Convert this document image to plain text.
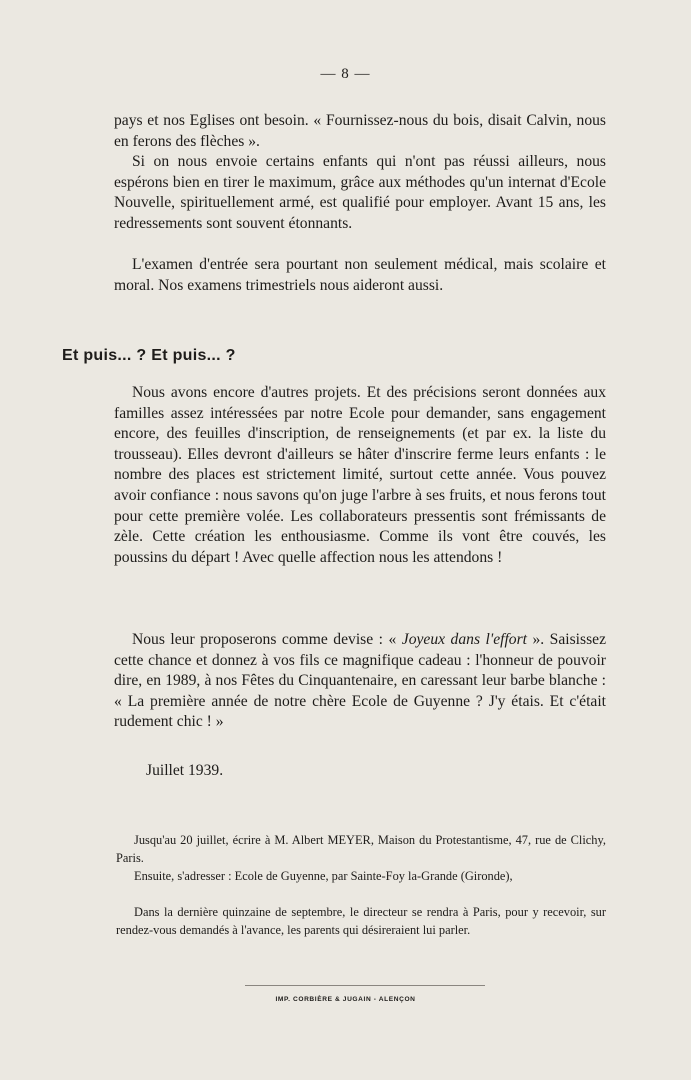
— 8 —

pays et nos Eglises ont besoin. « Fournissez-nous du bois, disait Calvin, nous en ferons des flèches ».

Si on nous envoie certains enfants qui n'ont pas réussi ailleurs, nous espérons bien en tirer le maximum, grâce aux méthodes qu'un internat d'Ecole Nouvelle, spirituellement armé, est qualifié pour employer. Avant 15 ans, les redressements sont souvent étonnants.

L'examen d'entrée sera pourtant non seulement médical, mais scolaire et moral. Nos examens trimestriels nous aideront aussi.

Et puis... ? Et puis... ?

Nous avons encore d'autres projets. Et des précisions seront données aux familles assez intéressées par notre Ecole pour demander, sans engagement encore, des feuilles d'inscription, de renseignements (et par ex. la liste du trousseau). Elles devront d'ailleurs se hâter d'inscrire ferme leurs enfants : le nombre des places est strictement limité, surtout cette année. Vous pouvez avoir confiance : nous savons qu'on juge l'arbre à ses fruits, et nous ferons tout pour cette première volée. Les collaborateurs pressentis sont frémissants de zèle. Cette création les enthousiasme. Comme ils vont être couvés, les poussins du départ ! Avec quelle affection nous les attendons !

Nous leur proposerons comme devise : « Joyeux dans l'effort ». Saisissez cette chance et donnez à vos fils ce magnifique cadeau : l'honneur de pouvoir dire, en 1989, à nos Fêtes du Cinquantenaire, en caressant leur barbe blanche : « La première année de notre chère Ecole de Guyenne ? J'y étais. Et c'était rudement chic ! »

Juillet 1939.

Jusqu'au 20 juillet, écrire à M. Albert MEYER, Maison du Protestantisme, 47, rue de Clichy, Paris.

Ensuite, s'adresser : Ecole de Guyenne, par Sainte-Foy la-Grande (Gironde),

Dans la dernière quinzaine de septembre, le directeur se rendra à Paris, pour y recevoir, sur rendez-vous demandés à l'avance, les parents qui désireraient lui parler.

IMP. CORBIÈRE & JUGAIN - ALENÇON
